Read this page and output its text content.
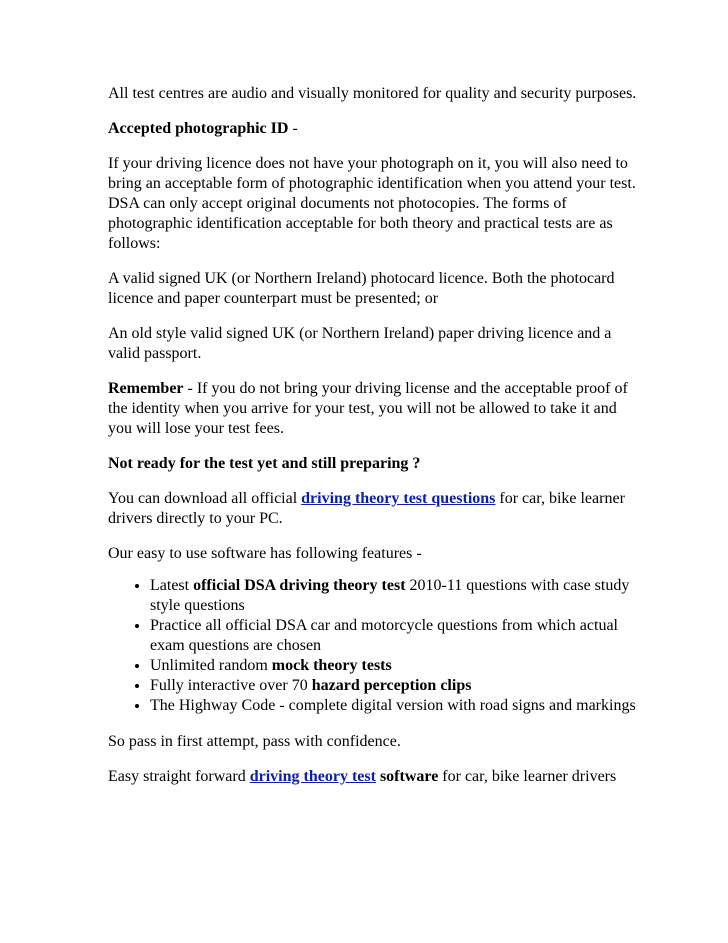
All test centres are audio and visually monitored for quality and security purposes.

Accepted photographic ID -

If your driving licence does not have your photograph on it, you will also need to bring an acceptable form of photographic identification when you attend your test. DSA can only accept original documents not photocopies. The forms of photographic identification acceptable for both theory and practical tests are as follows:

A valid signed UK (or Northern Ireland) photocard licence. Both the photocard licence and paper counterpart must be presented; or

An old style valid signed UK (or Northern Ireland) paper driving licence and a valid passport.

Remember - If you do not bring your driving license and the acceptable proof of the identity when you arrive for your test, you will not be allowed to take it and you will lose your test fees.

Not ready for the test yet and still preparing ?

You can download all official driving theory test questions for car, bike learner drivers directly to your PC.

Our easy to use software has following features -

• Latest official DSA driving theory test 2010-11 questions with case study style questions
• Practice all official DSA car and motorcycle questions from which actual exam questions are chosen
• Unlimited random mock theory tests
• Fully interactive over 70 hazard perception clips
• The Highway Code - complete digital version with road signs and markings

So pass in first attempt, pass with confidence.

Easy straight forward driving theory test software for car, bike learner drivers
